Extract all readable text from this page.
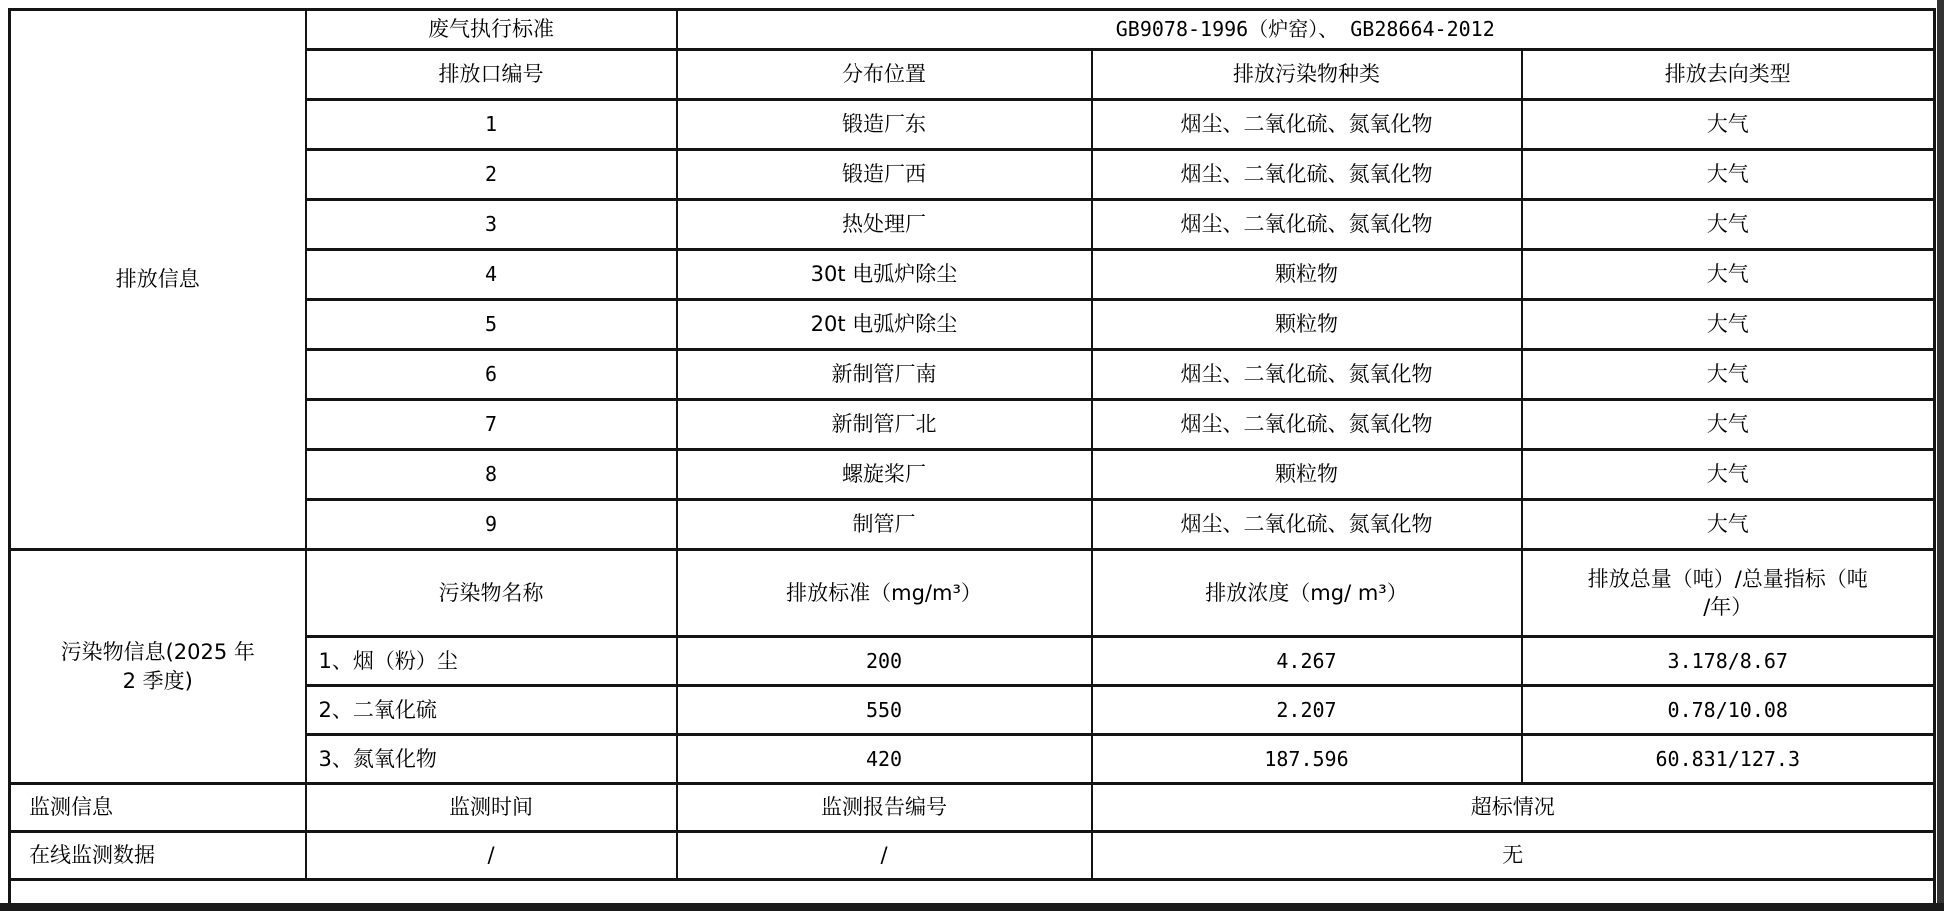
排放信息	废气执行标准	GB9078-1996（炉窑）、 GB28664-2012		
	排放口编号	分布位置	排放污染物种类	排放去向类型
	1	锻造厂东	烟尘、二氧化硫、氮氧化物	大气
	2	锻造厂西	烟尘、二氧化硫、氮氧化物	大气
	3	热处理厂	烟尘、二氧化硫、氮氧化物	大气
	4	30t 电弧炉除尘	颗粒物	大气
	5	20t 电弧炉除尘	颗粒物	大气
	6	新制管厂南	烟尘、二氧化硫、氮氧化物	大气
	7	新制管厂北	烟尘、二氧化硫、氮氧化物	大气
	8	螺旋桨厂	颗粒物	大气
	9	制管厂	烟尘、二氧化硫、氮氧化物	大气
污染物信息(2025 年
2 季度)	污染物名称	排放标准（mg/m³）	排放浓度（mg/ m³）	排放总量（吨）/总量指标（吨
/年）
	1、烟（粉）尘	200	4.267	3.178/8.67
	2、二氧化硫	550	2.207	0.78/10.08
	3、氮氧化物	420	187.596	60.831/127.3
监测信息	监测时间	监测报告编号	超标情况	
在线监测数据	/	/	无	
